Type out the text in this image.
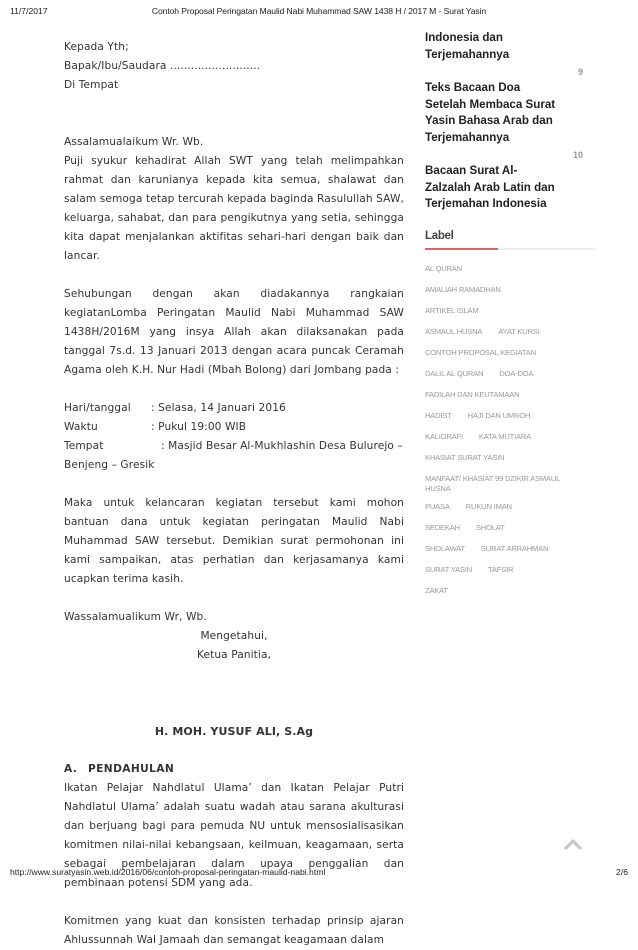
11/7/2017	Contoh Proposal Peringatan Maulid Nabi Muhammad SAW 1438 H / 2017 M - Surat Yasin

Kepada Yth;

Bapak/Ibu/Saudara ..........................

Di Tempat

Assalamualaikum Wr. Wb.

Puji syukur kehadirat Allah SWT yang telah melimpahkan rahmat dan karunianya kepada kita semua, shalawat dan salam semoga tetap tercurah kepada baginda Rasulullah SAW, keluarga, sahabat, dan para pengikutnya yang setia, sehingga kita dapat menjalankan aktifitas sehari-hari dengan baik dan lancar.

Sehubungan dengan akan diadakannya rangkaian kegiatanLomba Peringatan Maulid Nabi Muhammad SAW 1438H/2016M yang insya Allah akan dilaksanakan pada tanggal 7s.d. 13 Januari 2013 dengan acara puncak Ceramah Agama oleh K.H. Nur Hadi (Mbah Bolong) dari Jombang pada :

Hari/tanggal	: Selasa, 14 Januari 2016
Waktu	: Pukul 19:00 WIB
Tempat	: Masjid Besar Al-Mukhlashin Desa Bulurejo –

Benjeng – Gresik

Maka untuk kelancaran kegiatan tersebut kami mohon bantuan dana untuk kegiatan peringatan Maulid Nabi Muhammad SAW tersebut. Demikian surat permohonan ini kami sampaikan, atas perhatian dan kerjasamanya kami ucapkan terima kasih.

Wassalamualikum Wr, Wb.

Mengetahui,

Ketua Panitia,

H. MOH. YUSUF ALI, S.Ag

A. PENDAHULAN

Ikatan Pelajar Nahdlatul Ulama’ dan Ikatan Pelajar Putri Nahdlatul Ulama’ adalah suatu wadah atau sarana akulturasi dan berjuang bagi para pemuda NU untuk mensosialisasikan komitmen nilai-nilai kebangsaan, keilmuan, keagamaan, serta sebagai pembelajaran dalam upaya penggalian dan pembinaan potensi SDM yang ada.

Komitmen yang kuat dan konsisten terhadap prinsip ajaran Ahlussunnah Wal Jamaah dan semangat keagamaan dalam

Indonesia dan Terjemahannya
Teks Bacaan Doa Setelah Membaca Surat Yasin Bahasa Arab dan Terjemahannya
9
Bacaan Surat Al-Zalzalah Arab Latin dan Terjemahan Indonesia
10
Label
AL QURAN
AMALIAH RAMADHAN
ARTIKEL ISLAM
ASMAUL HUSNA AYAT KURSI
CONTOH PROPOSAL KEGIATAN
DALIL AL QURAN DOA-DOA
FADILAH DAN KEUTAMAAN
HADIST HAJI DAN UMROH
KALIGRAFI KATA MUTIARA
KHASIAT SURAT YASIN
MANFAAT/ KHASIAT 99 DZIKIR ASMAUL HUSNA
PUASA RUKUN IMAN
SEDEKAH SHOLAT
SHOLAWAT SURAT ARRAHMAN
SURAT YASIN TAFSIR
ZAKAT
http://www.suratyasin.web.id/2016/06/contoh-proposal-peringatan-maulid-nabi.html	2/6
